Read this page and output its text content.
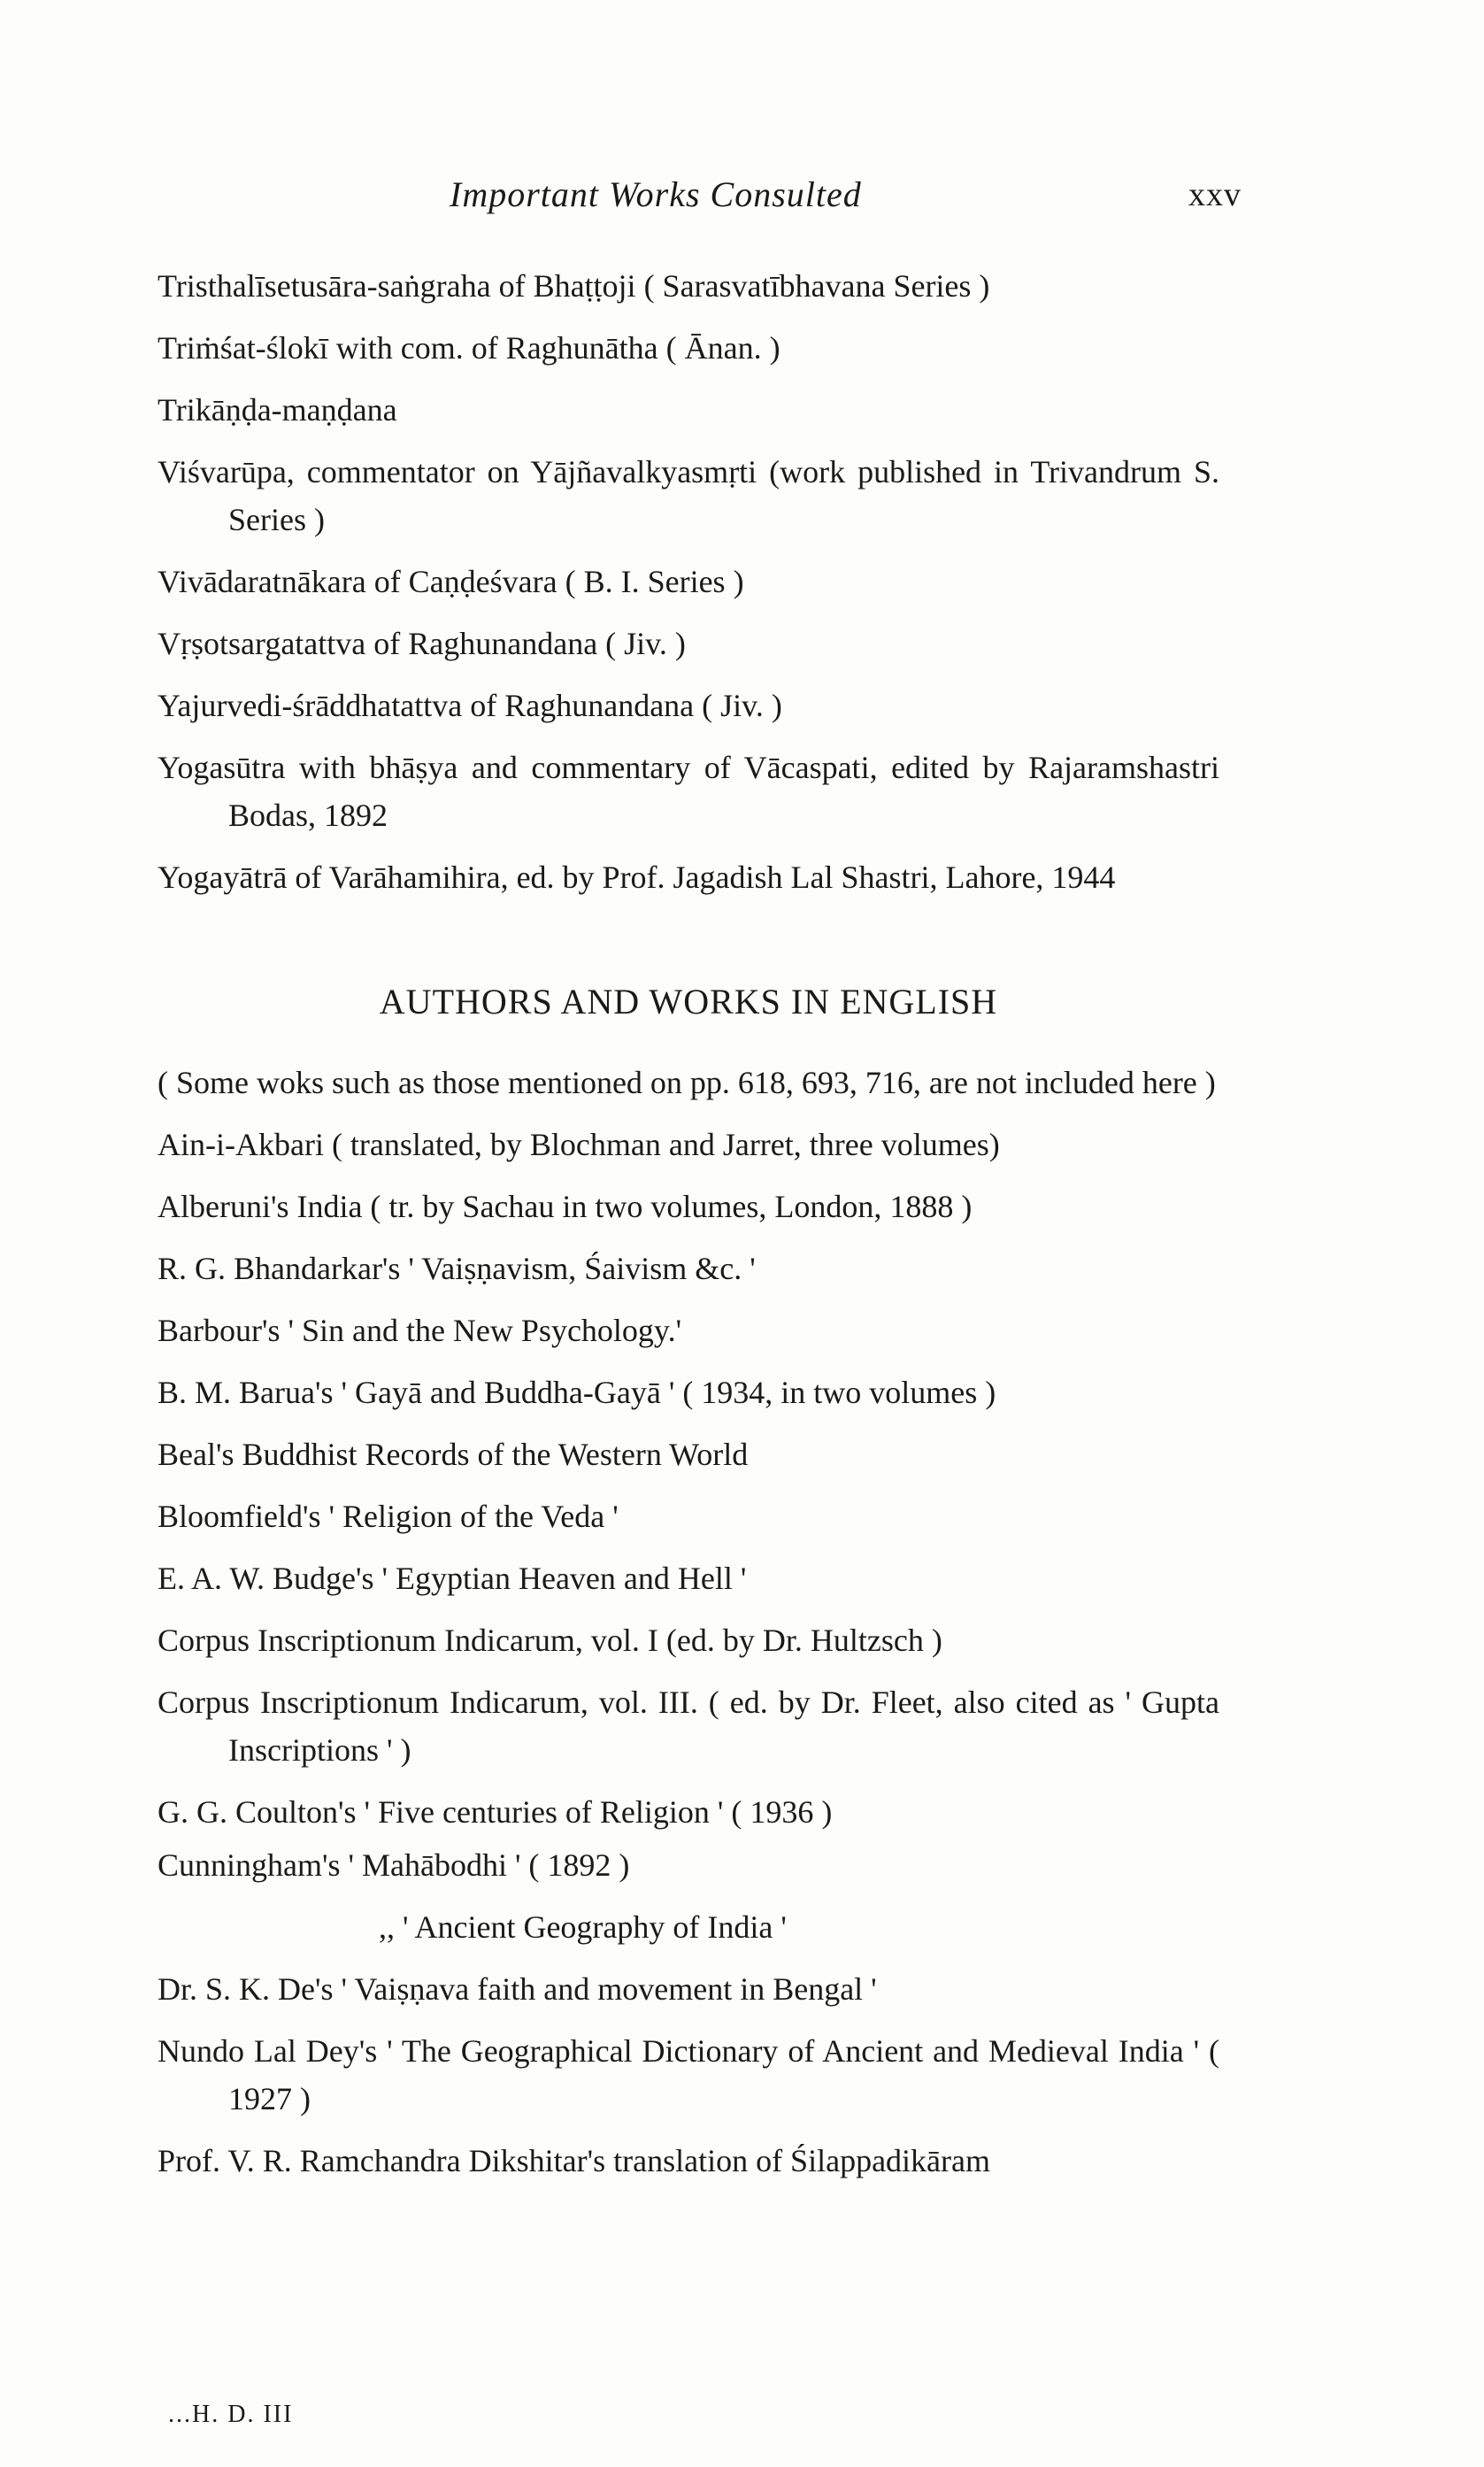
Important Works Consulted	xxv

Tristhalīsetusāra-saṅgraha of Bhaṭṭoji ( Sarasvatībhavana Series )

Triṁśat-ślokī with com. of Raghunātha ( Ānan. )

Trikāṇḍa-maṇḍana

Viśvarūpa, commentator on Yājñavalkyasmṛti (work published in Trivandrum S. Series )

Vivādaratnākara of Caṇḍeśvara ( B. I. Series )

Vṛṣotsargatattva of Raghunandana ( Jiv. )

Yajurvedi-śrāddhatattva of Raghunandana ( Jiv. )

Yogasūtra with bhāṣya and commentary of Vācaspati, edited by Rajaramshastri Bodas, 1892

Yogayātrā of Varāhamihira, ed. by Prof. Jagadish Lal Shastri, Lahore, 1944

AUTHORS AND WORKS IN ENGLISH

( Some woks such as those mentioned on pp. 618, 693, 716, are not included here )

Ain-i-Akbari ( translated, by Blochman and Jarret, three volumes)

Alberuni's India ( tr. by Sachau in two volumes, London, 1888 )

R. G. Bhandarkar's ' Vaiṣṇavism, Śaivism &c. '

Barbour's ' Sin and the New Psychology.'

B. M. Barua's ' Gayā and Buddha-Gayā ' ( 1934, in two volumes )

Beal's Buddhist Records of the Western World

Bloomfield's ' Religion of the Veda '

E. A. W. Budge's ' Egyptian Heaven and Hell '

Corpus Inscriptionum Indicarum, vol. I (ed. by Dr. Hultzsch )

Corpus Inscriptionum Indicarum, vol. III. ( ed. by Dr. Fleet, also cited as ' Gupta Inscriptions ' )

G. G. Coulton's ' Five centuries of Religion ' ( 1936 )

Cunningham's ' Mahābodhi ' ( 1892 )

,, ' Ancient Geography of India '

Dr. S. K. De's ' Vaiṣṇava faith and movement in Bengal '

Nundo Lal Dey's ' The Geographical Dictionary of Ancient and Medieval India ' ( 1927 )

Prof. V. R. Ramchandra Dikshitar's translation of Śilappadikāram

...H. D. III
